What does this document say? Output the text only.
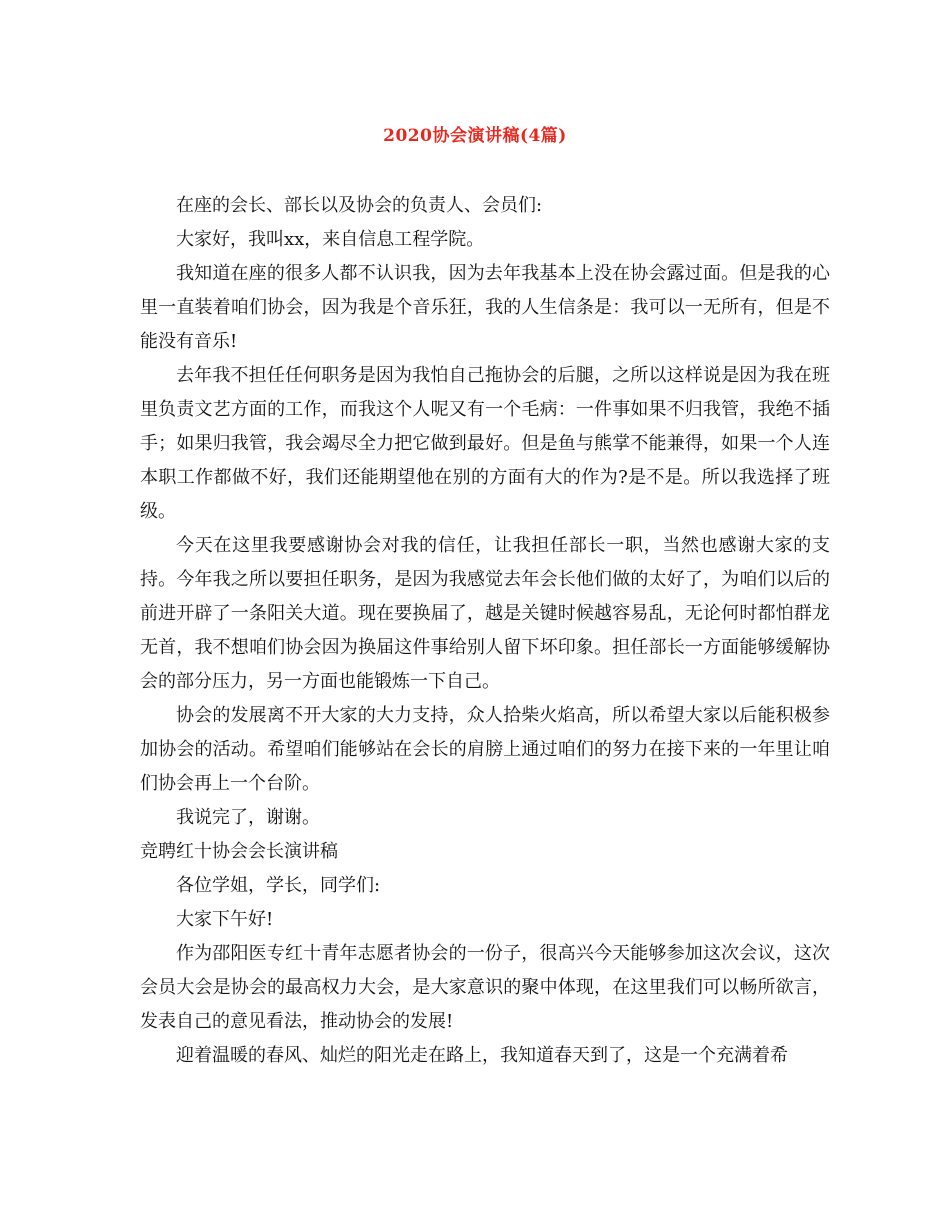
2020协会演讲稿(4篇)

在座的会长、部长以及协会的负责人、会员们:

大家好，我叫xx，来自信息工程学院。

我知道在座的很多人都不认识我，因为去年我基本上没在协会露过面。但是我的心里一直装着咱们协会，因为我是个音乐狂，我的人生信条是：我可以一无所有，但是不能没有音乐!

去年我不担任任何职务是因为我怕自己拖协会的后腿，之所以这样说是因为我在班里负责文艺方面的工作，而我这个人呢又有一个毛病：一件事如果不归我管，我绝不插手；如果归我管，我会竭尽全力把它做到最好。但是鱼与熊掌不能兼得，如果一个人连本职工作都做不好，我们还能期望他在别的方面有大的作为?是不是。所以我选择了班级。

今天在这里我要感谢协会对我的信任，让我担任部长一职，当然也感谢大家的支持。今年我之所以要担任职务，是因为我感觉去年会长他们做的太好了，为咱们以后的前进开辟了一条阳关大道。现在要换届了，越是关键时候越容易乱，无论何时都怕群龙无首，我不想咱们协会因为换届这件事给别人留下坏印象。担任部长一方面能够缓解协会的部分压力，另一方面也能锻炼一下自己。

协会的发展离不开大家的大力支持，众人拾柴火焰高，所以希望大家以后能积极参加协会的活动。希望咱们能够站在会长的肩膀上通过咱们的努力在接下来的一年里让咱们协会再上一个台阶。

我说完了，谢谢。

竞聘红十协会会长演讲稿

各位学姐，学长，同学们:

大家下午好!

作为邵阳医专红十青年志愿者协会的一份子，很高兴今天能够参加这次会议，这次会员大会是协会的最高权力大会，是大家意识的聚中体现，在这里我们可以畅所欲言，发表自己的意见看法，推动协会的发展!

迎着温暖的春风、灿烂的阳光走在路上，我知道春天到了，这是一个充满着希
